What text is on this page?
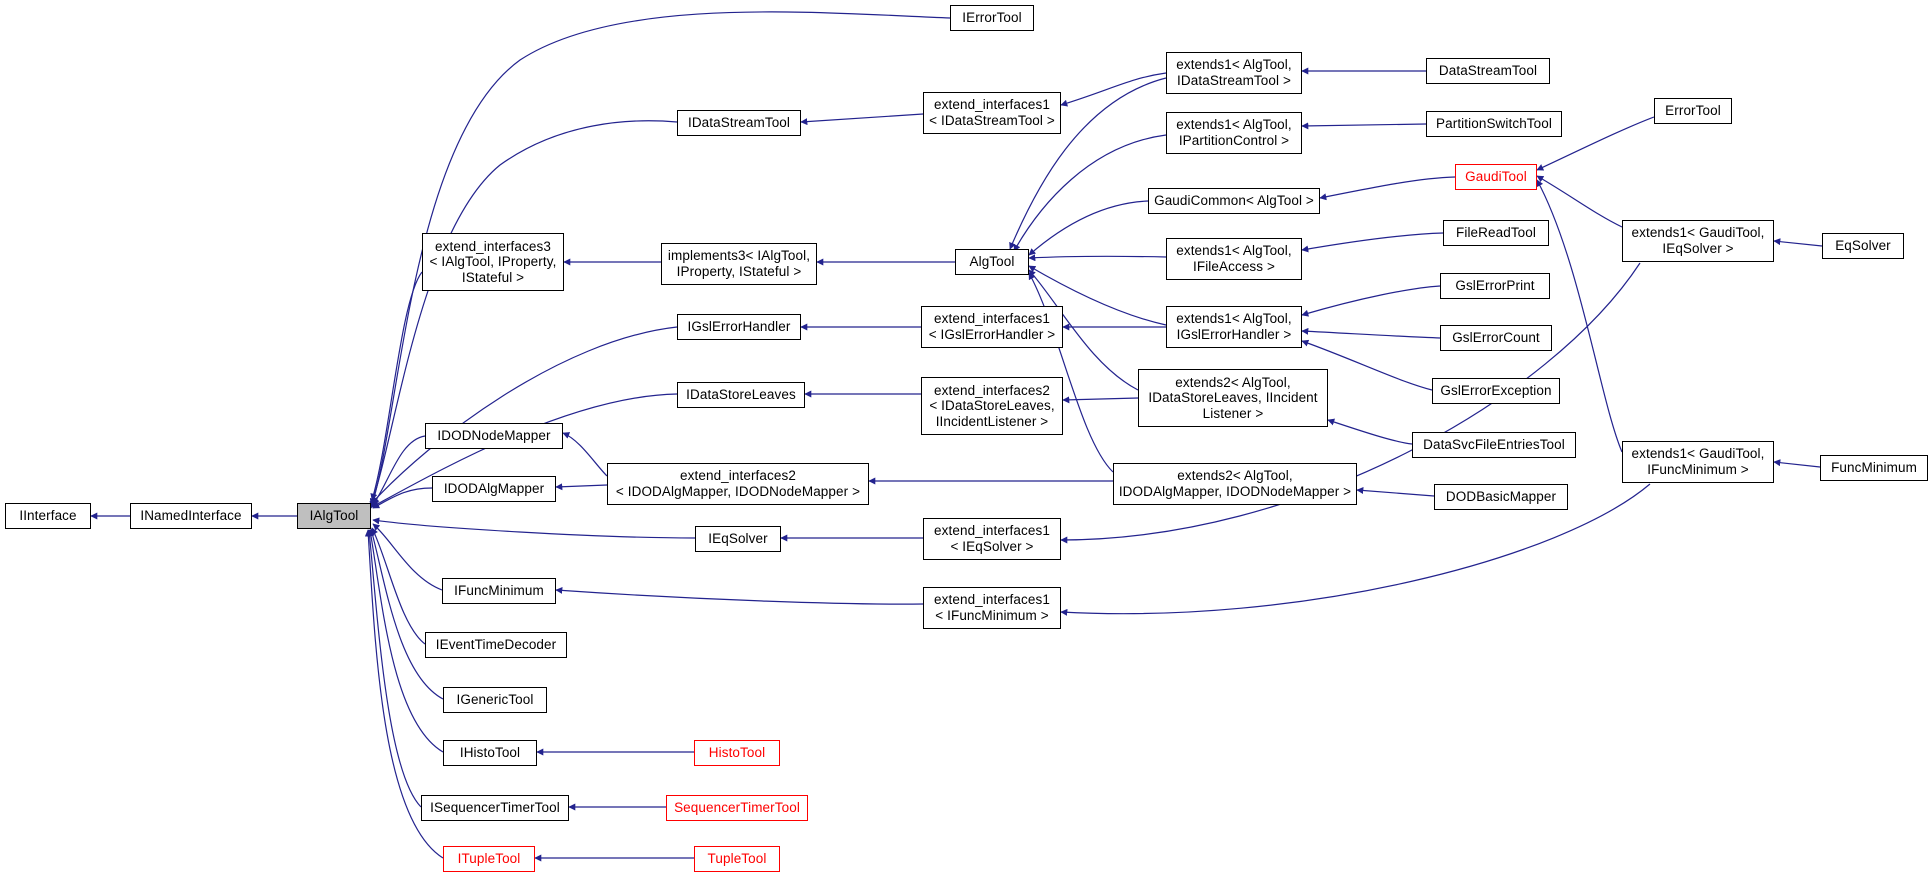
IInterface	INamedInterface	IAlgTool
IErrorTool
IDataStreamTool
extend_interfaces1
< IDataStreamTool >
extends1< AlgTool,
IDataStreamTool >
DataStreamTool
extends1< AlgTool,
IPartitionControl >
PartitionSwitchTool
GaudiCommon< AlgTool >
GaudiTool
ErrorTool
extend_interfaces3
< IAlgTool, IProperty,
IStateful >
implements3< IAlgTool,
IProperty, IStateful >
AlgTool
FileReadTool
extends1< AlgTool,
IFileAccess >
GslErrorPrint
IGslErrorHandler
extend_interfaces1
< IGslErrorHandler >
extends1< AlgTool,
IGslErrorHandler >	GslErrorCount
GslErrorException
IDataStoreLeaves	extend_interfaces2
< IDataStoreLeaves,
IIncidentListener >
extends2< AlgTool,
IDataStoreLeaves, IIncident
Listener >
DataSvcFileEntriesTool
IDODNodeMapper
IDODAlgMapper
extend_interfaces2
< IDODAlgMapper, IDODNodeMapper >
extends2< AlgTool,
IDODAlgMapper, IDODNodeMapper >	DODBasicMapper
IEqSolver
extend_interfaces1
< IEqSolver >
extends1< GaudiTool,
IEqSolver >	EqSolver
IFuncMinimum
extend_interfaces1
< IFuncMinimum >
extends1< GaudiTool,
IFuncMinimum >	FuncMinimum
IEventTimeDecoder
IGenericTool
IHistoTool	HistoTool
ISequencerTimerTool	SequencerTimerTool
ITupleTool	TupleTool
